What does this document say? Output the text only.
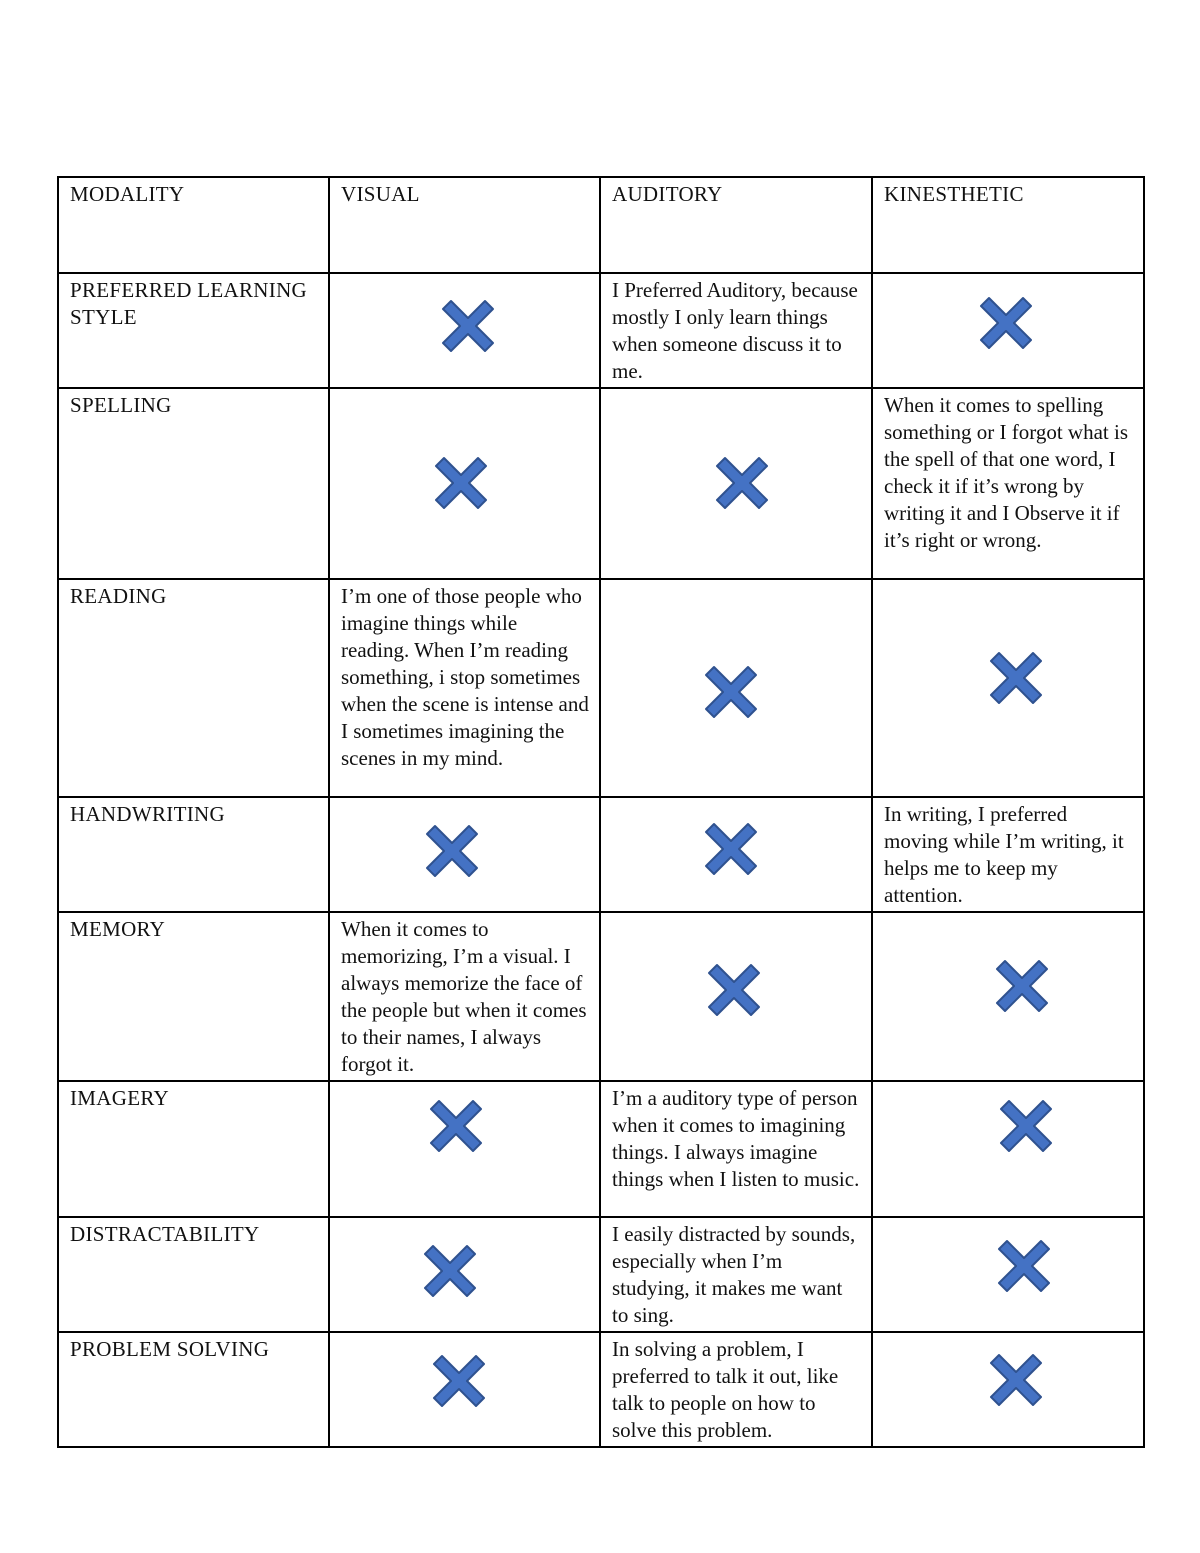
MODALITY	VISUAL	AUDITORY	KINESTHETIC
PREFERRED LEARNING STYLE		I Preferred Auditory, because mostly I only learn things when someone discuss it to me.	

SPELLING			When it comes to spelling something or I forgot what is the spell of that one word, I check it if it’s wrong by writing it and I Observe it if it’s right or wrong.
READING	I’m one of those people who imagine things while reading. When I’m reading something, i stop sometimes when the scene is intense and I sometimes imagining the scenes in my mind.	

HANDWRITING			In writing, I preferred moving while I’m writing, it helps me to keep my attention.
MEMORY	When it comes to memorizing, I’m a visual. I always memorize the face of the people but when it comes to their names, I always forgot it.	

IMAGERY		I’m a auditory type of person when it comes to imagining things. I always imagine things when I listen to music.	

DISTRACTABILITY		I easily distracted by sounds, especially when I’m studying, it makes me want to sing.	

PROBLEM SOLVING		In solving a problem, I preferred to talk it out, like talk to people on how to solve this problem.	
